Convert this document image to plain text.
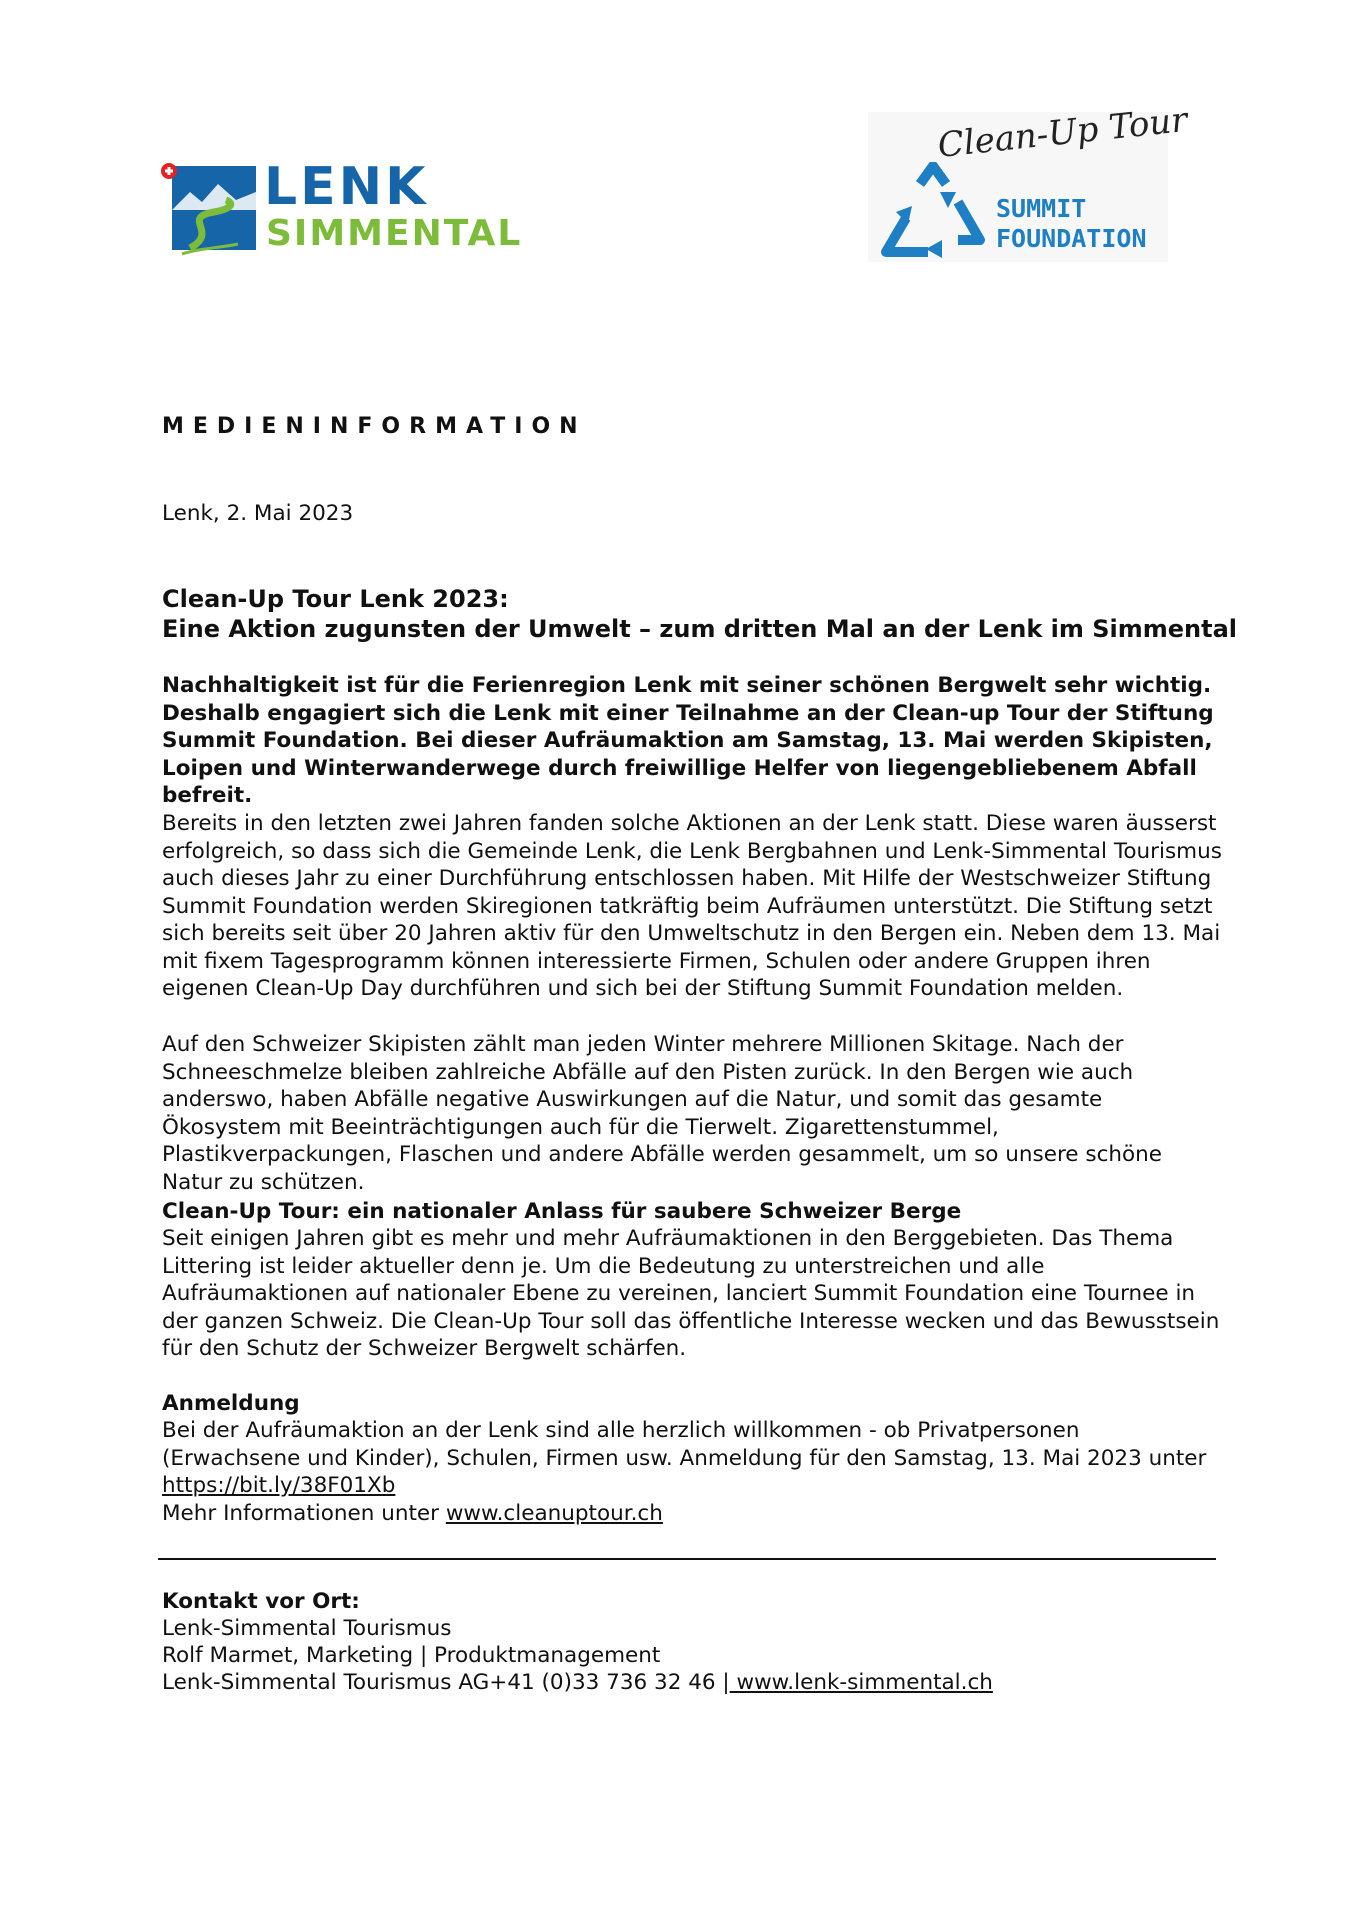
LENK
SIMMENTAL
Clean-Up Tour
SUMMIT
FOUNDATION
MEDIENINFORMATION
Lenk, 2. Mai 2023
Clean-Up Tour Lenk 2023:
Eine Aktion zugunsten der Umwelt – zum dritten Mal an der Lenk im Simmental
Nachhaltigkeit ist für die Ferienregion Lenk mit seiner schönen Bergwelt sehr wichtig. Deshalb engagiert sich die Lenk mit einer Teilnahme an der Clean-up Tour der Stiftung Summit Foundation. Bei dieser Aufräumaktion am Samstag, 13. Mai werden Skipisten, Loipen und Winterwanderwege durch freiwillige Helfer von liegengebliebenem Abfall befreit.
Bereits in den letzten zwei Jahren fanden solche Aktionen an der Lenk statt. Diese waren äusserst erfolgreich, so dass sich die Gemeinde Lenk, die Lenk Bergbahnen und Lenk-Simmental Tourismus auch dieses Jahr zu einer Durchführung entschlossen haben. Mit Hilfe der Westschweizer Stiftung Summit Foundation werden Skiregionen tatkräftig beim Aufräumen unterstützt. Die Stiftung setzt sich bereits seit über 20 Jahren aktiv für den Umweltschutz in den Bergen ein. Neben dem 13. Mai mit fixem Tagesprogramm können interessierte Firmen, Schulen oder andere Gruppen ihren eigenen Clean-Up Day durchführen und sich bei der Stiftung Summit Foundation melden.
Auf den Schweizer Skipisten zählt man jeden Winter mehrere Millionen Skitage. Nach der Schneeschmelze bleiben zahlreiche Abfälle auf den Pisten zurück. In den Bergen wie auch anderswo, haben Abfälle negative Auswirkungen auf die Natur, und somit das gesamte Ökosystem mit Beeinträchtigungen auch für die Tierwelt. Zigarettenstummel, Plastikverpackungen, Flaschen und andere Abfälle werden gesammelt, um so unsere schöne Natur zu schützen.
Clean-Up Tour: ein nationaler Anlass für saubere Schweizer Berge
Seit einigen Jahren gibt es mehr und mehr Aufräumaktionen in den Berggebieten. Das Thema Littering ist leider aktueller denn je. Um die Bedeutung zu unterstreichen und alle Aufräumaktionen auf nationaler Ebene zu vereinen, lanciert Summit Foundation eine Tournee in der ganzen Schweiz. Die Clean-Up Tour soll das öffentliche Interesse wecken und das Bewusstsein für den Schutz der Schweizer Bergwelt schärfen.
Anmeldung
Bei der Aufräumaktion an der Lenk sind alle herzlich willkommen - ob Privatpersonen (Erwachsene und Kinder), Schulen, Firmen usw. Anmeldung für den Samstag, 13. Mai 2023 unter https://bit.ly/38F01Xb
Mehr Informationen unter www.cleanuptour.ch
Kontakt vor Ort:
Lenk-Simmental Tourismus
Rolf Marmet, Marketing | Produktmanagement
Lenk-Simmental Tourismus AG+41 (0)33 736 32 46 | www.lenk-simmental.ch
